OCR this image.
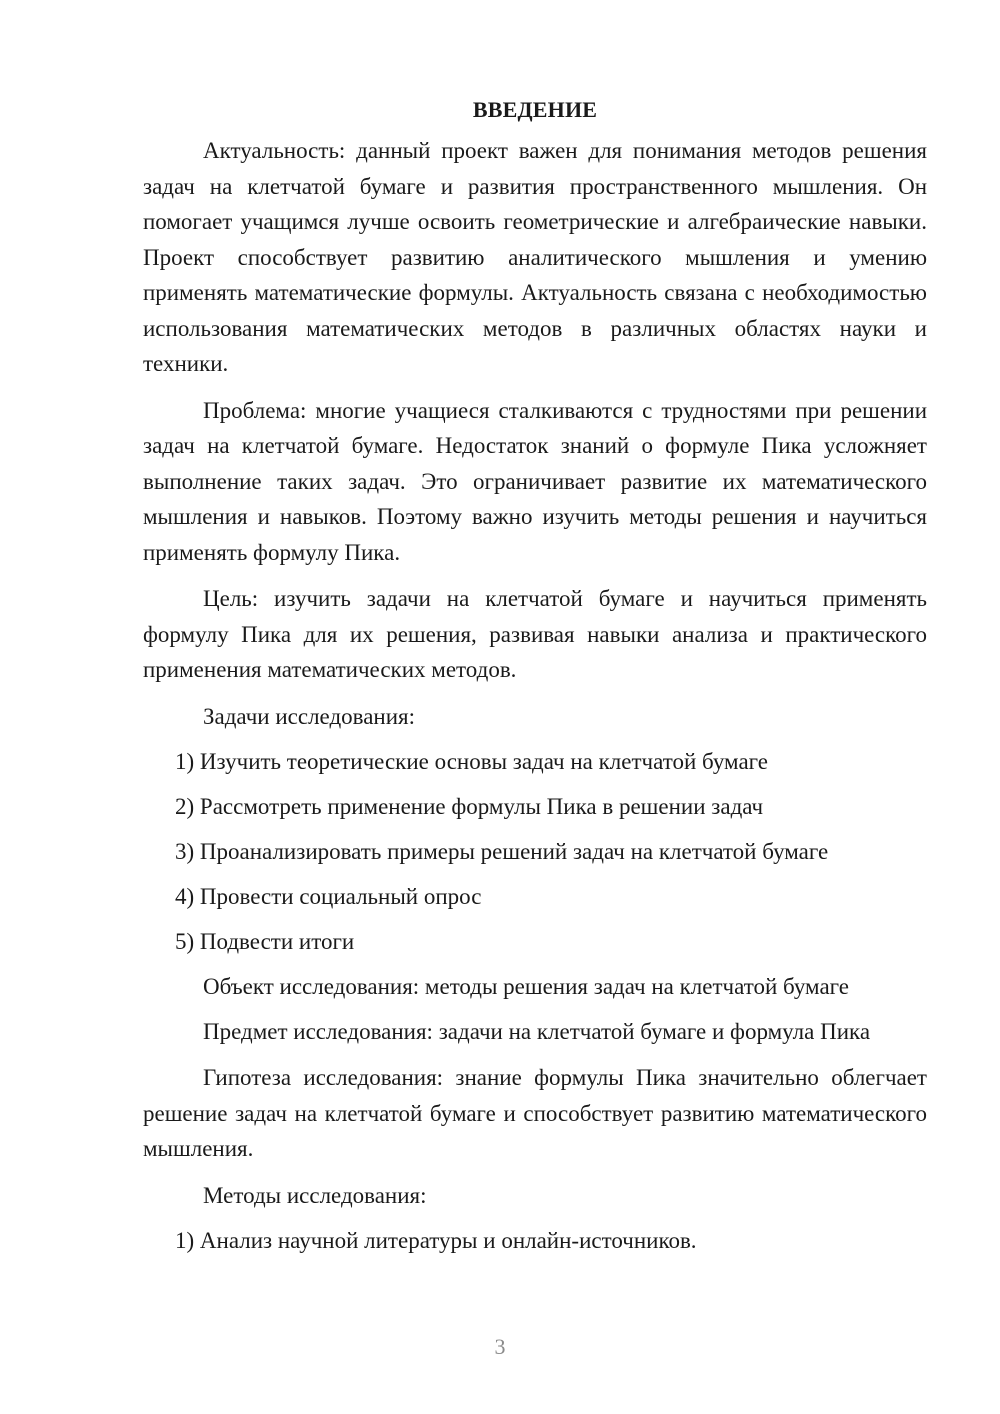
ВВЕДЕНИЕ

Актуальность: данный проект важен для понимания методов решения задач на клетчатой бумаге и развития пространственного мышления. Он помогает учащимся лучше освоить геометрические и алгебраические навыки. Проект способствует развитию аналитического мышления и умению применять математические формулы. Актуальность связана с необходимостью использования математических методов в различных областях науки и техники.

Проблема: многие учащиеся сталкиваются с трудностями при решении задач на клетчатой бумаге. Недостаток знаний о формуле Пика усложняет выполнение таких задач. Это ограничивает развитие их математического мышления и навыков. Поэтому важно изучить методы решения и научиться применять формулу Пика.

Цель: изучить задачи на клетчатой бумаге и научиться применять формулу Пика для их решения, развивая навыки анализа и практического применения математических методов.

Задачи исследования:
1) Изучить теоретические основы задач на клетчатой бумаге
2) Рассмотреть применение формулы Пика в решении задач
3) Проанализировать примеры решений задач на клетчатой бумаге
4) Провести социальный опрос
5) Подвести итоги
Объект исследования: методы решения задач на клетчатой бумаге

Предмет исследования: задачи на клетчатой бумаге и формула Пика

Гипотеза исследования: знание формулы Пика значительно облегчает решение задач на клетчатой бумаге и способствует развитию математического мышления.

Методы исследования:
1) Анализ научной литературы и онлайн-источников.
3
